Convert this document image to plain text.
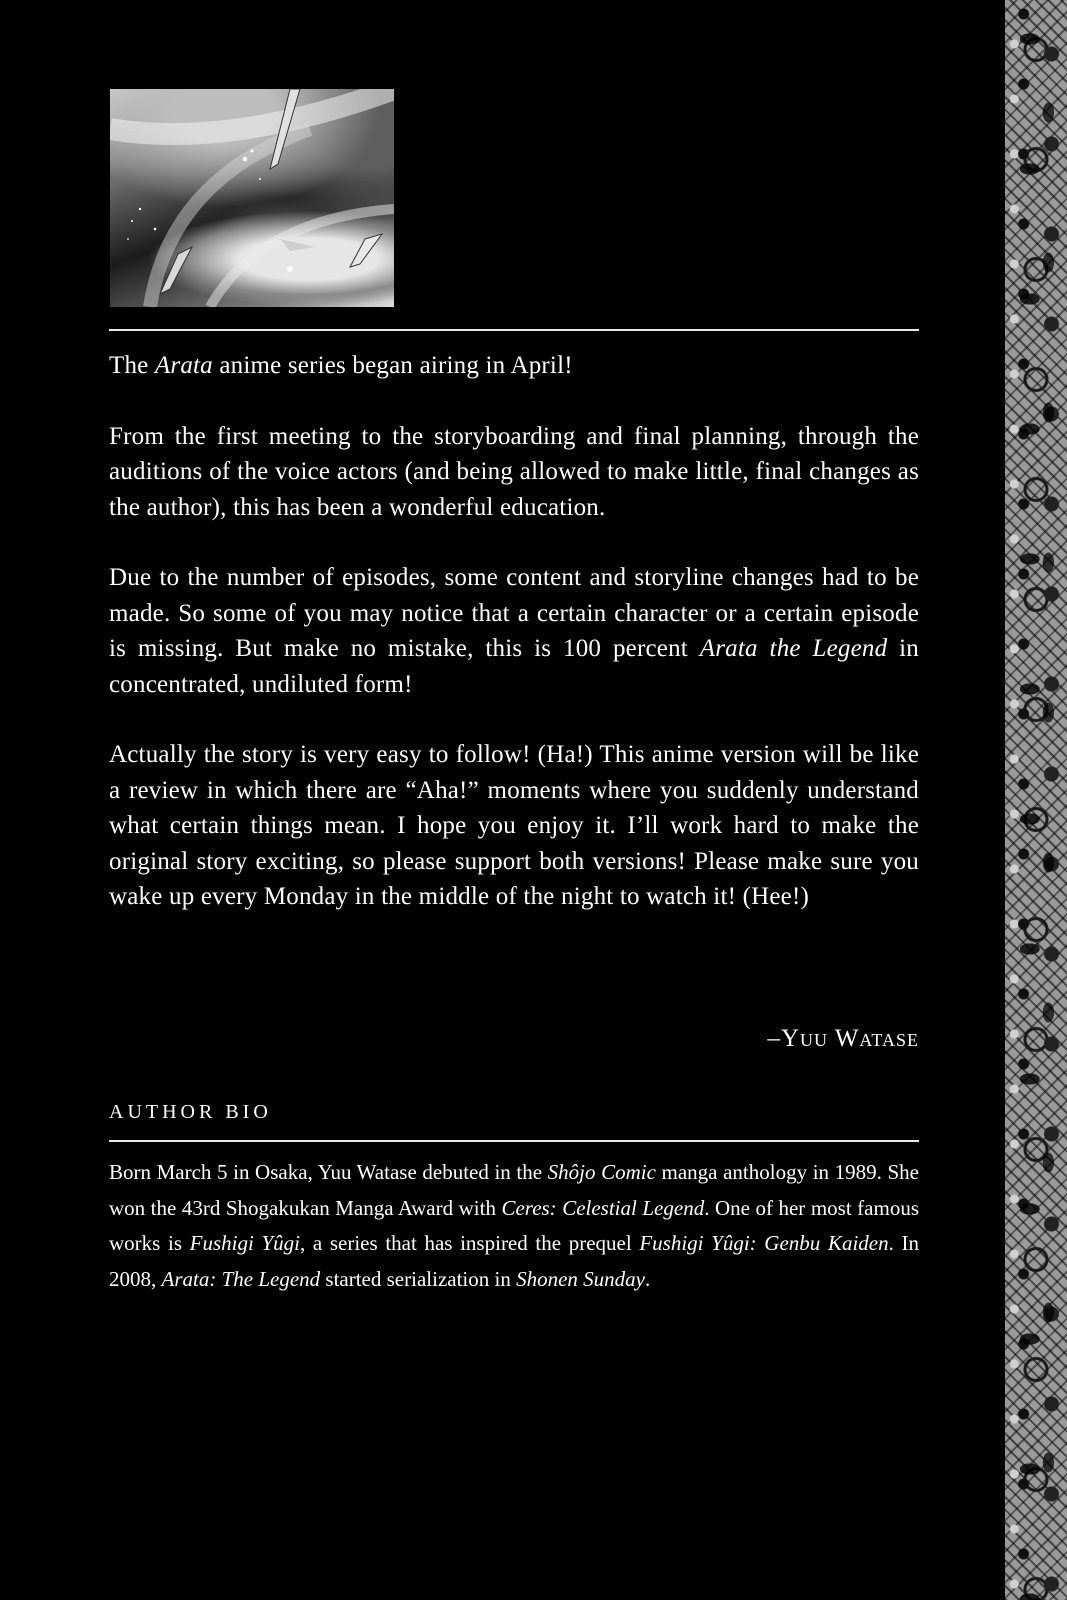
The Arata anime series began airing in April!

From the first meeting to the storyboarding and final planning, through the auditions of the voice actors (and being allowed to make little, final changes as the author), this has been a wonderful education.

Due to the number of episodes, some content and storyline changes had to be made. So some of you may notice that a certain character or a certain episode is missing. But make no mistake, this is 100 percent Arata the Legend in concentrated, undiluted form!

Actually the story is very easy to follow! (Ha!) This anime version will be like a review in which there are “Aha!” moments where you suddenly understand what certain things mean. I hope you enjoy it. I’ll work hard to make the original story exciting, so please support both versions! Please make sure you wake up every Monday in the middle of the night to watch it! (Hee!)

–Yuu Watase
AUTHOR BIO

Born March 5 in Osaka, Yuu Watase debuted in the Shôjo Comic manga anthology in 1989. She won the 43rd Shogakukan Manga Award with Ceres: Celestial Legend. One of her most famous works is Fushigi Yûgi, a series that has inspired the prequel Fushigi Yûgi: Genbu Kaiden. In 2008, Arata: The Legend started serialization in Shonen Sunday.
